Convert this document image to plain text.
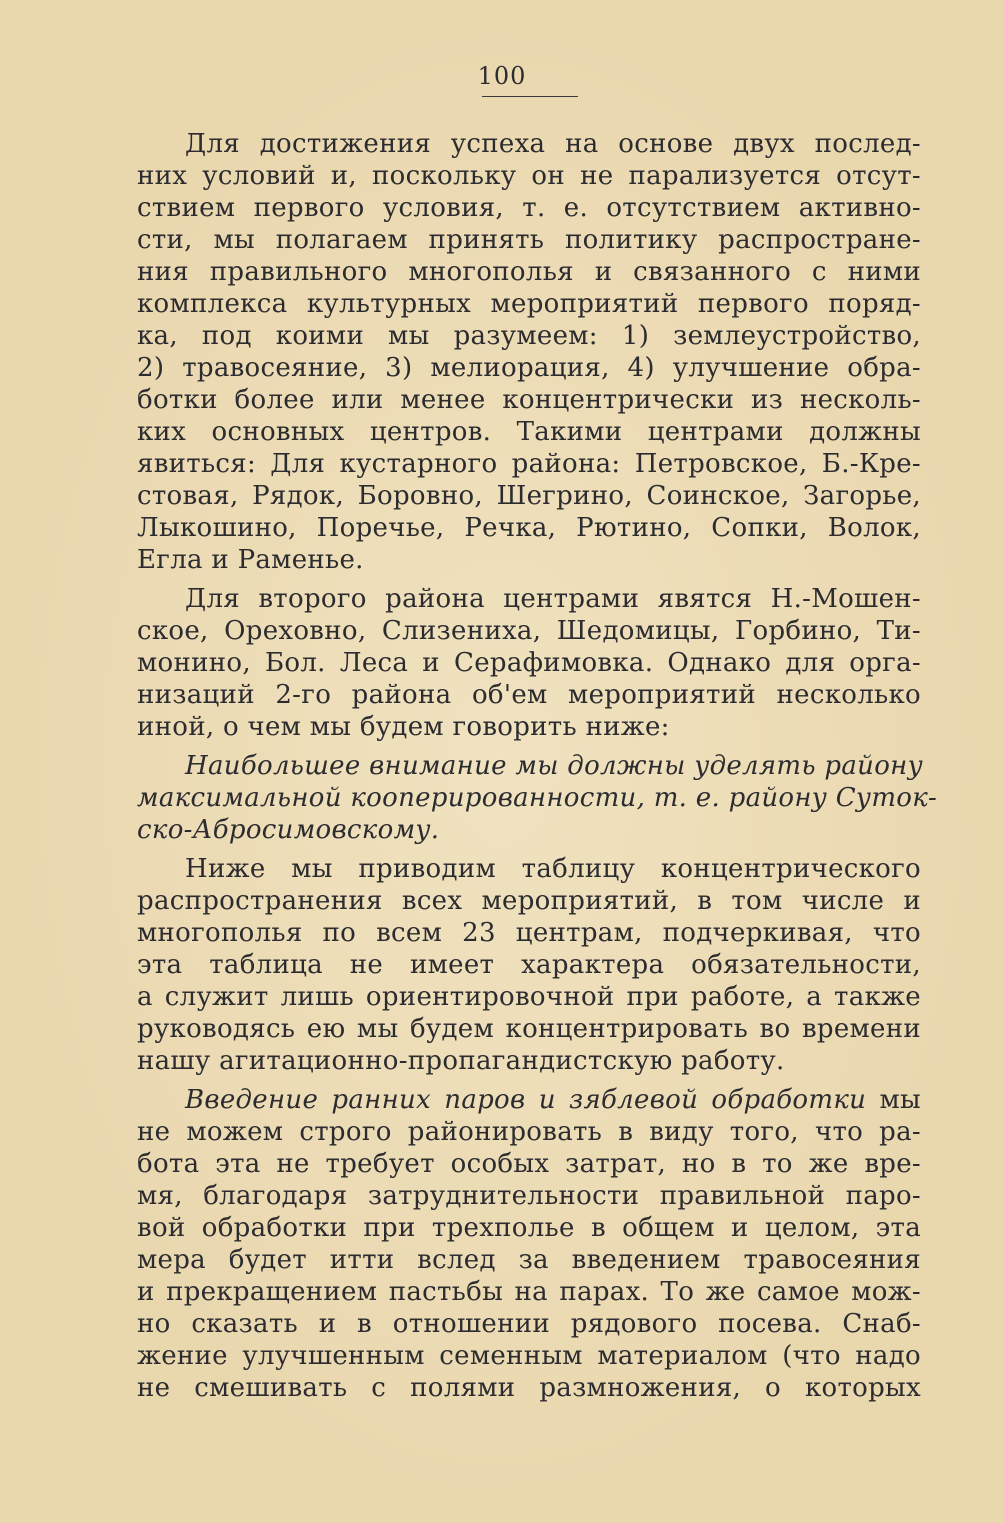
100
Для достижения успеха на основе двух послед-
них условий и, поскольку он не парализуется отсут-
ствием первого условия, т. е. отсутствием активно-
сти, мы полагаем принять политику распростране-
ния правильного многополья и связанного с ними
комплекса культурных мероприятий первого поряд-
ка, под коими мы разумеем: 1) землеустройство,
2) травосеяние, 3) мелиорация, 4) улучшение обра-
ботки более или менее концентрически из несколь-
ких основных центров. Такими центрами должны
явиться: Для кустарного района: Петровское, Б.-Кре-
стовая, Рядок, Боровно, Шегрино, Соинское, Загорье,
Лыкошино, Поречье, Речка, Рютино, Сопки, Волок,
Егла и Раменье.
Для второго района центрами явятся Н.-Мошен-
ское, Ореховно, Слизениха, Шедомицы, Горбино, Ти-
монино, Бол. Леса и Серафимовка. Однако для орга-
низаций 2-го района об'ем мероприятий несколько
иной, о чем мы будем говорить ниже:
Наибольшее внимание мы должны уделять району
максимальной кооперированности, т. е. району Суток-
ско-Абросимовскому.
Ниже мы приводим таблицу концентрического
распространения всех мероприятий, в том числе и
многополья по всем 23 центрам, подчеркивая, что
эта таблица не имеет характера обязательности,
а служит лишь ориентировочной при работе, а также
руководясь ею мы будем концентрировать во времени
нашу агитационно-пропагандистскую работу.
Введение ранних паров и зяблевой обработки мы
не можем строго районировать в виду того, что ра-
бота эта не требует особых затрат, но в то же вре-
мя, благодаря затруднительности правильной паро-
вой обработки при трехполье в общем и целом, эта
мера будет итти вслед за введением травосеяния
и прекращением пастьбы на парах. То же самое мож-
но сказать и в отношении рядового посева. Снаб-
жение улучшенным семенным материалом (что надо
не смешивать с полями размножения, о которых
